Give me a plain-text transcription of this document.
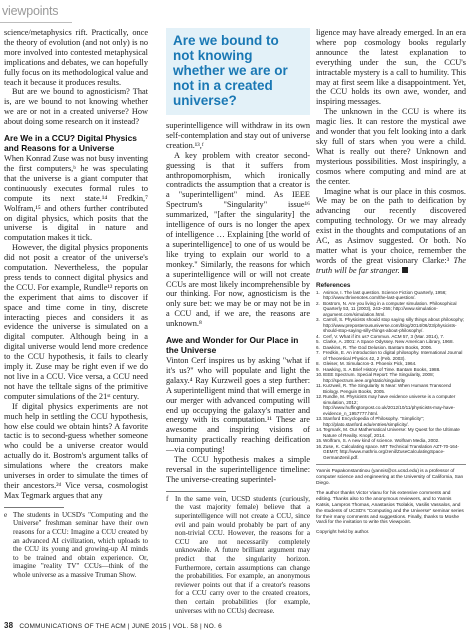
viewpoints

science/metaphysics rift. Practically, once the theory of evolution (and not only) is no more involved into contested metaphysical implications and debates, we can hopefully fully focus on its methodological value and teach it because it produces results.

But are we bound to agnosticism? That is, are we bound to not knowing whether we are or not in a created universe? How about doing some research on it instead?

Are We in a CCU? Digital Physics and Reasons for a Universe

When Konrad Zuse was not busy inventing the first computers,ᵇ he was speculating that the universe is a giant computer that continuously executes formal rules to compute its next state.¹⁴ Fredkin,⁷ Wolfram,¹⁵ and others further contributed on digital physics, which posits that the universe is digital in nature and computation makes it tick.

However, the digital physics proponents did not posit a creator of the universe's computation. Nevertheless, the popular press tends to connect digital physics and the CCU. For example, Rundle¹² reports on the experiment that aims to discover if space and time come in tiny, discrete interacting pieces and considers it as evidence the universe is simulated on a digital computer. Although being in a digital universe would lend more credence to the CCU hypothesis, it fails to clearly imply it. Zuse may be right even if we do not live in a CCU. Vice versa, a CCU need not have the telltale signs of the primitive computer simulations of the 21ˢᵗ century.

If digital physics experiments are not much help in settling the CCU hypothesis, how else could we obtain hints? A favorite tactic is to second-guess whether someone who could be a universe creator would actually do it. Bostrom's argument talks of simulations where the creators make universes in order to simulate the times of their ancestors.²ᵈ Vice versa, cosmologist Max Tegmark argues that any

e The students in UCSD's "Computing and the Universe" freshman seminar have their own reasons for a CCU: Imagine a CCU created by an advanced AI civilization, which uploads to the CCU its young and growing-up AI minds to be trained and obtain experience. Or, imagine "reality TV" CCUs—think of the whole universe as a massive Truman Show.

Are we bound to not knowing whether we are or not in a created universe?

superintelligence will withdraw in its own self-contemplation and stay out of universe creation.¹³,ᶠ

A key problem with creator second-guessing is that it suffers from anthropomorphism, which ironically contradicts the assumption that a creator is a "superintelligent" mind. As IEEE Spectrum's "Singularity" issue¹⁶ summarized, "[after the singularity] the intelligence of ours is no longer the apex of intelligence … Explaining [the world of a superintelligence] to one of us would be like trying to explain our world to a monkey." Similarly, the reasons for which a superintelligence will or will not create CCUs are most likely incomprehensible by our thinking. For now, agnosticism is the only sure bet: we may be or may not be in a CCU and, if we are, the reasons are unknown.⁸

Awe and Wonder for Our Place in the Universe

Vinton Cerf inspires us by asking "what if it's us?" who will populate and light the galaxy.⁴ Ray Kurzweil goes a step further: A superintelligent mind that will emerge in our merger with advanced computing will end up occupying the galaxy's matter and energy with its computation.¹¹ These are awesome and inspiring visions of humanity practically reaching deification—via computing!

The CCU hypothesis makes a simple reversal in the superintelligence timeline: The universe-creating superintel-

f In the same vein, UCSD students (curiously, the vast majority female) believe that a superintelligence will not create a CCU, since evil and pain would probably be part of any non-trivial CCU. However, the reasons for a CCU are not necessarily completely unknowable. A future brilliant argument may predict that the singularity horizon. Furthermore, certain assumptions can change the probabilities. For example, an anonymous reviewer points out that if a creator's reasons for a CCU carry over to the created creators, then certain probabilities (for example, universes with no CCUs) decrease.

ligence may have already emerged. In an era where pop cosmology books regularly announce the latest explanation to everything under the sun, the CCU's intractable mystery is a call to humility. This may at first seem like a disappointment. Yet, the CCU holds its own awe, wonder, and inspiring messages.

The unknown in the CCU is where its magic lies. It can restore the mystical awe and wonder that you felt looking into a dark sky full of stars when you were a child. What is really out there? Unknown and mysterious possibilities. Most inspiringly, a cosmos where computing and mind are at the center.

Imagine what is our place in this cosmos. We may be on the path to deification by advancing our recently discovered computing technology. Or we may already exist in the thoughts and computations of an AC, as Asimov suggested. Or both. No matter what is your choice, remember the words of the great visionary Clarke:³ The truth will be far stranger.

References
1. Asimov, I. The last question. Science Fiction Quarterly, 1956; http://www.thrivenotes.com/the-last-question/.
2. Bostrom, N. Are you living in a computer simulation. Philosophical Quarterly 53, 11 (2003), 243–255; http://www.simulation-argument.com/simulation.html.
3. Carroll, S. Physicists should stop saying silly things about philosophy; http://www.preposterousuniverse.com/blog/2014/06/23/physicists-should-stop-saying-silly-things-about-philosophy/.
4. Cerf, V. What if it's us? Commun. ACM 57, 3 (Mar. 2014), 7.
5. Clarke, A. 2001: A Space Odyssey. New American Library, 1968.
6. Dawkins, R. The God Delusion. Bantam Books, 2006.
7. Fredkin, E. An introduction to digital philosophy. International Journal of Theoretical Physics 42, 2 (Feb. 2003).
8. Gleiser, M. Simulacron-3. Phoenix Pick, 1964.
9. Hawking, S. A Brief History of Time. Bantam Books, 1988.
10. IEEE Spectrum. Special Report: The Singularity, 2008; http://spectrum.ieee.org/static/singularity
11. Kurzweil, R. The Singularity Is Near: When Humans Transcend Biology. Penguin Books, 2005.
12. Rundle, M. Physicists may have evidence universe is a computer simulation, 2012; http://www.huffingtonpost.co.uk/2012/10/11/physicists-may-have-evidence_n_1957777.html.
13. Stanford Encyclopedia of Philosophy. "Simplicity"; http://plato.stanford.edu/entries/simplicity/.
14. Tegmark, M. Our Mathematical Universe: My Quest for the Ultimate Nature of Reality. Knopf, 2014.
15. Wolfram, S. A new kind of science. Wolfram Media, 2002.
16. Zuse, K. Calculating space. MIT Technical Translation AZT-70-164-GEMIT; http://www.mathrix.org/zenil/ZuseCalculatingSpace-GermanZenil.pdf.

Yannis Papakonstantinou (yannis@cs.ucsd.edu) is a professor of computer science and engineering at the University of California, San Diego.

The author thanks Victor Vianu for his extensive comments and editing. Thanks also to the anonymous reviewers, and to Yannis Katsis, Lampros Thomas, Anastasios Tsolakis, Vasilis Vassalos, and the students of UCSD's "Computing and the Universe" seminar series for their many comments and suggestions. Finally, thanks to Moshe Vardi for the invitation to write this Viewpoint.

Copyright held by author.

38 COMMUNICATIONS OF THE ACM | JUNE 2015 | VOL. 58 | NO. 6
